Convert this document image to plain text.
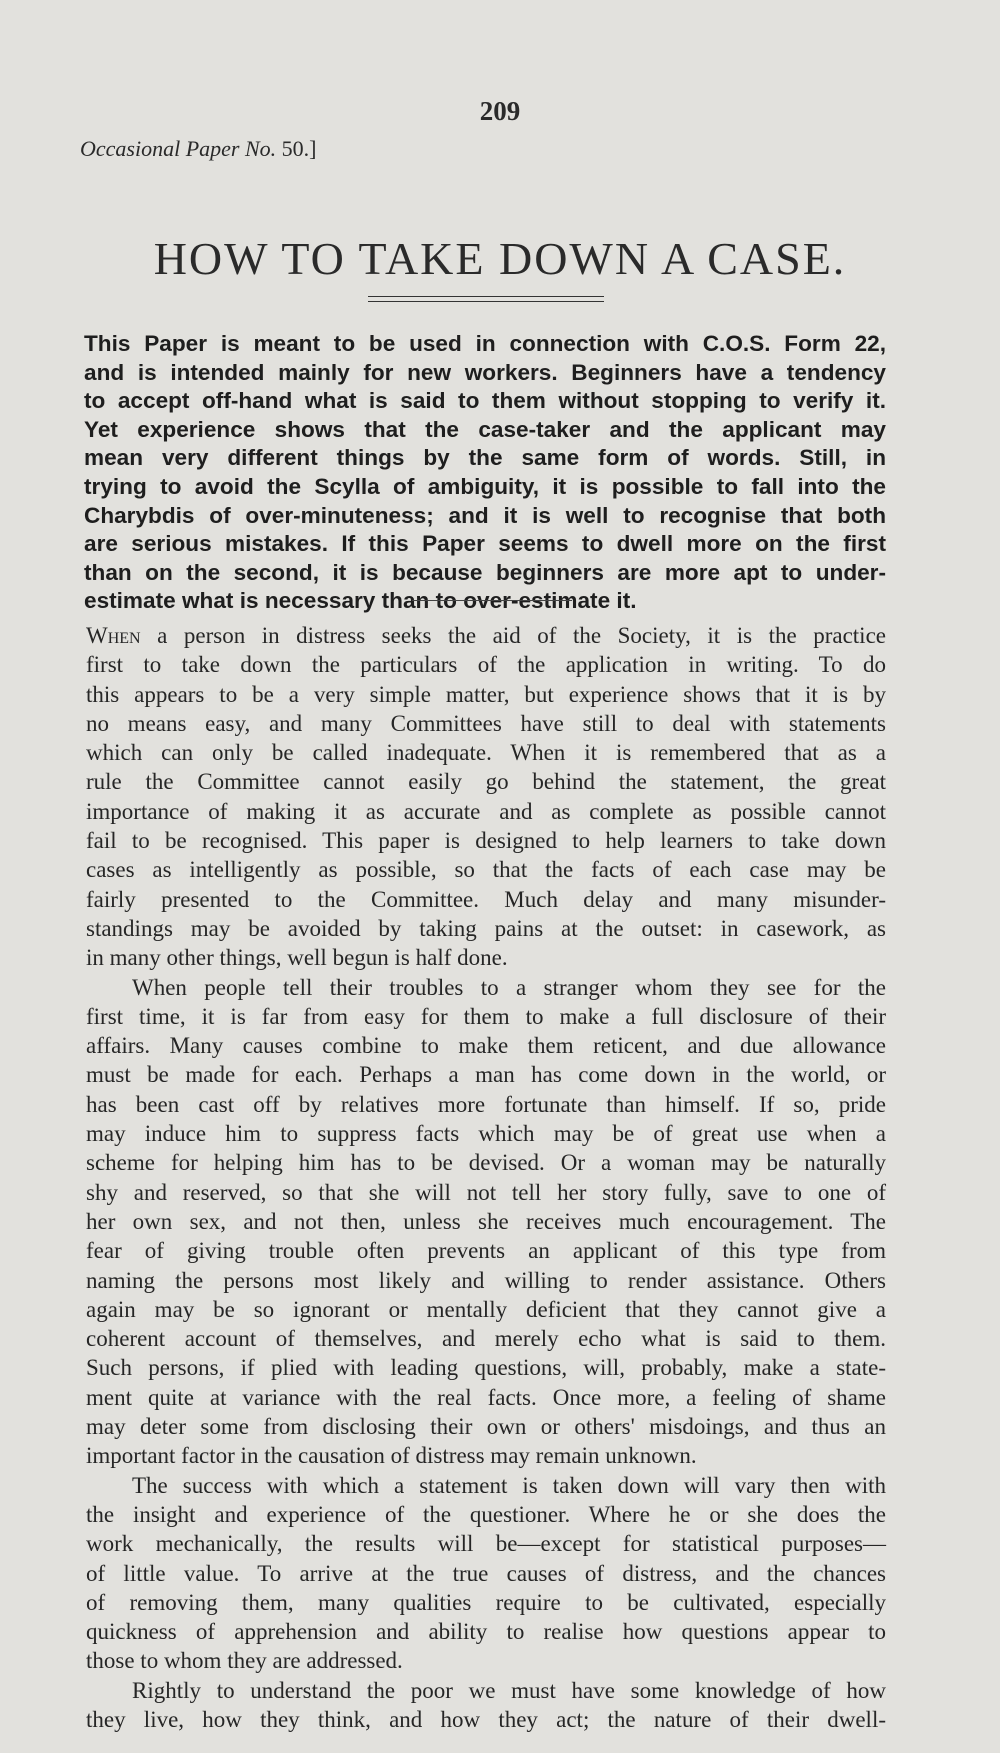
209
Occasional Paper No. 50.]
HOW TO TAKE DOWN A CASE.
This Paper is meant to be used in connection with C.O.S. Form 22,
and is intended mainly for new workers. Beginners have a tendency
to accept off-hand what is said to them without stopping to verify it.
Yet experience shows that the case-taker and the applicant may
mean very different things by the same form of words. Still, in
trying to avoid the Scylla of ambiguity, it is possible to fall into the
Charybdis of over-minuteness; and it is well to recognise that both
are serious mistakes. If this Paper seems to dwell more on the first
than on the second, it is because beginners are more apt to under-
estimate what is necessary than to over-estimate it.
When a person in distress seeks the aid of the Society, it is the practice
first to take down the particulars of the application in writing. To do
this appears to be a very simple matter, but experience shows that it is by
no means easy, and many Committees have still to deal with statements
which can only be called inadequate. When it is remembered that as a
rule the Committee cannot easily go behind the statement, the great
importance of making it as accurate and as complete as possible cannot
fail to be recognised. This paper is designed to help learners to take down
cases as intelligently as possible, so that the facts of each case may be
fairly presented to the Committee. Much delay and many misunder-
standings may be avoided by taking pains at the outset: in casework, as
in many other things, well begun is half done.
When people tell their troubles to a stranger whom they see for the
first time, it is far from easy for them to make a full disclosure of their
affairs. Many causes combine to make them reticent, and due allowance
must be made for each. Perhaps a man has come down in the world, or
has been cast off by relatives more fortunate than himself. If so, pride
may induce him to suppress facts which may be of great use when a
scheme for helping him has to be devised. Or a woman may be naturally
shy and reserved, so that she will not tell her story fully, save to one of
her own sex, and not then, unless she receives much encouragement. The
fear of giving trouble often prevents an applicant of this type from
naming the persons most likely and willing to render assistance. Others
again may be so ignorant or mentally deficient that they cannot give a
coherent account of themselves, and merely echo what is said to them.
Such persons, if plied with leading questions, will, probably, make a state-
ment quite at variance with the real facts. Once more, a feeling of shame
may deter some from disclosing their own or others' misdoings, and thus an
important factor in the causation of distress may remain unknown.
The success with which a statement is taken down will vary then with
the insight and experience of the questioner. Where he or she does the
work mechanically, the results will be—except for statistical purposes—
of little value. To arrive at the true causes of distress, and the chances
of removing them, many qualities require to be cultivated, especially
quickness of apprehension and ability to realise how questions appear to
those to whom they are addressed.
Rightly to understand the poor we must have some knowledge of how
they live, how they think, and how they act; the nature of their dwell-
